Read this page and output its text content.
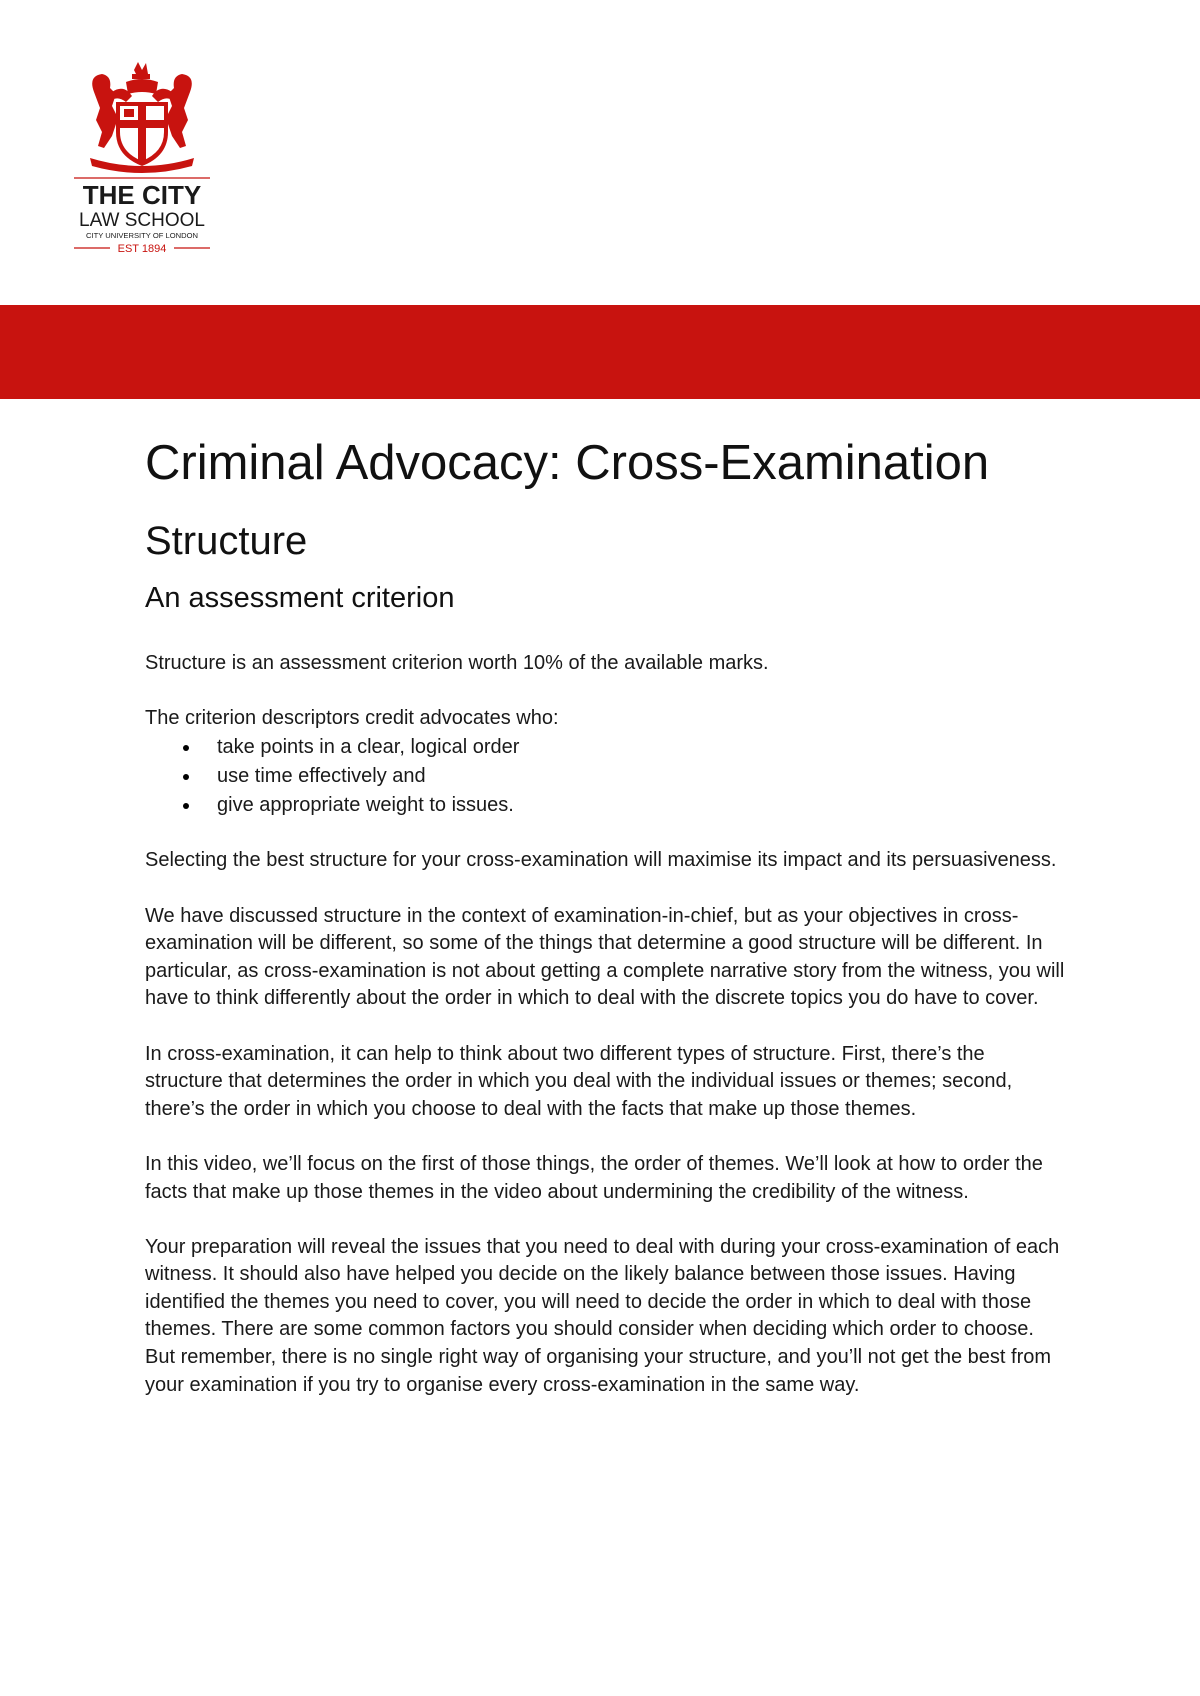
THE CITY
LAW SCHOOL
CITY UNIVERSITY OF LONDON
EST 1894
Criminal Advocacy: Cross-Examination
Structure
An assessment criterion

Structure is an assessment criterion worth 10% of the available marks.

The criterion descriptors credit advocates who:

take points in a clear, logical order
use time effectively and
give appropriate weight to issues.

Selecting the best structure for your cross-examination will maximise its impact and its persuasiveness.

We have discussed structure in the context of examination-in-chief, but as your objectives in cross-examination will be different, so some of the things that determine a good structure will be different. In particular, as cross-examination is not about getting a complete narrative story from the witness, you will have to think differently about the order in which to deal with the discrete topics you do have to cover.

In cross-examination, it can help to think about two different types of structure. First, there’s the structure that determines the order in which you deal with the individual issues or themes; second, there’s the order in which you choose to deal with the facts that make up those themes.

In this video, we’ll focus on the first of those things, the order of themes. We’ll look at how to order the facts that make up those themes in the video about undermining the credibility of the witness.

Your preparation will reveal the issues that you need to deal with during your cross-examination of each witness. It should also have helped you decide on the likely balance between those issues. Having identified the themes you need to cover, you will need to decide the order in which to deal with those themes. There are some common factors you should consider when deciding which order to choose. But remember, there is no single right way of organising your structure, and you’ll not get the best from your examination if you try to organise every cross-examination in the same way.
